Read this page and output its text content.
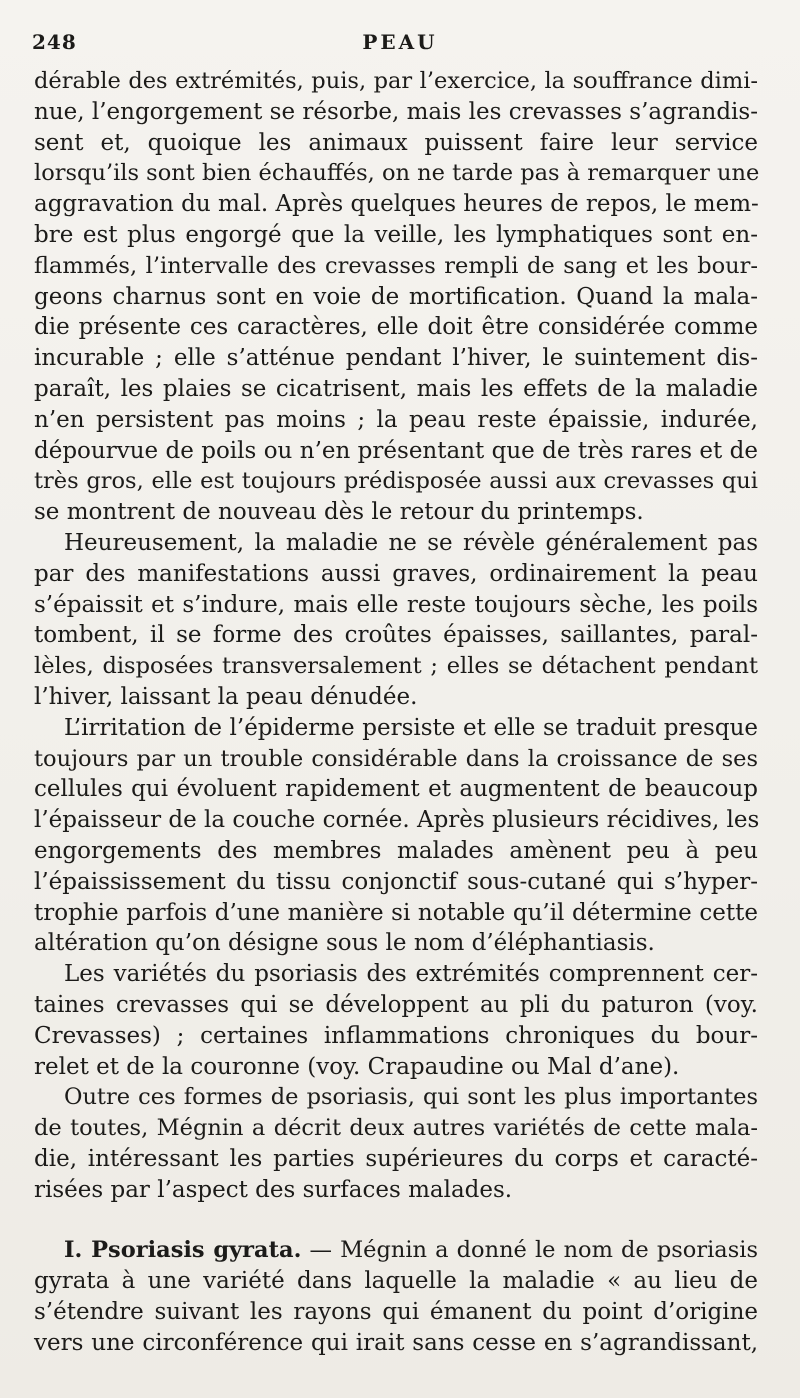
248	PEAU
dérable des extrémités, puis, par l’exercice, la souffrance dimi-
nue, l’engorgement se résorbe, mais les crevasses s’agrandis-
sent et, quoique les animaux puissent faire leur service
lorsqu’ils sont bien échauffés, on ne tarde pas à remarquer une
aggravation du mal. Après quelques heures de repos, le mem-
bre est plus engorgé que la veille, les lymphatiques sont en-
flammés, l’intervalle des crevasses rempli de sang et les bour-
geons charnus sont en voie de mortification. Quand la mala-
die présente ces caractères, elle doit être considérée comme
incurable ; elle s’atténue pendant l’hiver, le suintement dis-
paraît, les plaies se cicatrisent, mais les effets de la maladie
n’en persistent pas moins ; la peau reste épaissie, indurée,
dépourvue de poils ou n’en présentant que de très rares et de
très gros, elle est toujours prédisposée aussi aux crevasses qui
se montrent de nouveau dès le retour du printemps.
Heureusement, la maladie ne se révèle généralement pas
par des manifestations aussi graves, ordinairement la peau
s’épaissit et s’indure, mais elle reste toujours sèche, les poils
tombent, il se forme des croûtes épaisses, saillantes, paral-
lèles, disposées transversalement ; elles se détachent pendant
l’hiver, laissant la peau dénudée.
L’irritation de l’épiderme persiste et elle se traduit presque
toujours par un trouble considérable dans la croissance de ses
cellules qui évoluent rapidement et augmentent de beaucoup
l’épaisseur de la couche cornée. Après plusieurs récidives, les
engorgements des membres malades amènent peu à peu
l’épaississement du tissu conjonctif sous-cutané qui s’hyper-
trophie parfois d’une manière si notable qu’il détermine cette
altération qu’on désigne sous le nom d’éléphantiasis.
Les variétés du psoriasis des extrémités comprennent cer-
taines crevasses qui se développent au pli du paturon (voy.
Crevasses) ; certaines inflammations chroniques du bour-
relet et de la couronne (voy. Crapaudine ou Mal d’ane).
Outre ces formes de psoriasis, qui sont les plus importantes
de toutes, Mégnin a décrit deux autres variétés de cette mala-
die, intéressant les parties supérieures du corps et caracté-
risées par l’aspect des surfaces malades.
I. Psoriasis gyrata. — Mégnin a donné le nom de psoriasis
gyrata à une variété dans laquelle la maladie « au lieu de
s’étendre suivant les rayons qui émanent du point d’origine
vers une circonférence qui irait sans cesse en s’agrandissant,
